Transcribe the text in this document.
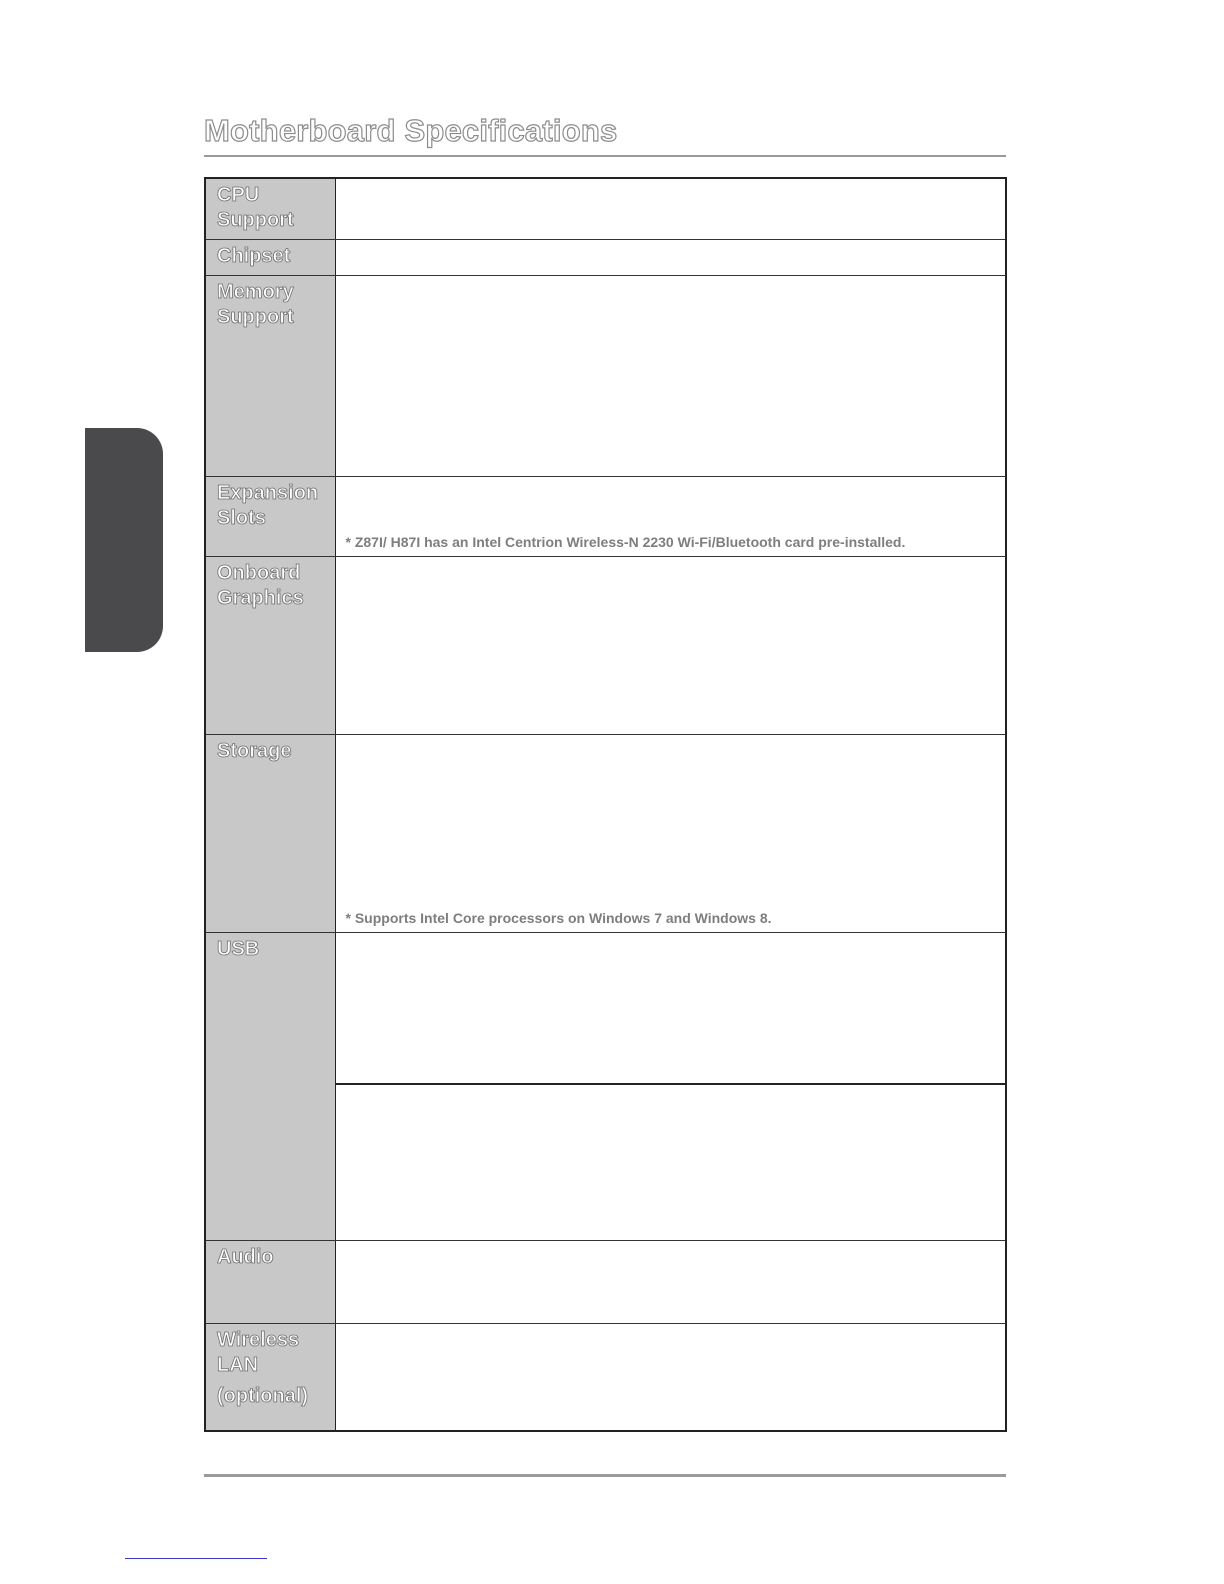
Motherboard Specifications
CPU
Support	

Chipset	

Memory
Support	

Expansion
Slots	* Z87I/ H87I has an Intel Centrion Wireless-N 2230 Wi-Fi/Bluetooth card pre-installed.

Onboard
Graphics	

Storage	* Supports Intel Core processors on Windows 7 and Windows 8.

USB	

Audio	

Wireless
LAN
(optional)	
